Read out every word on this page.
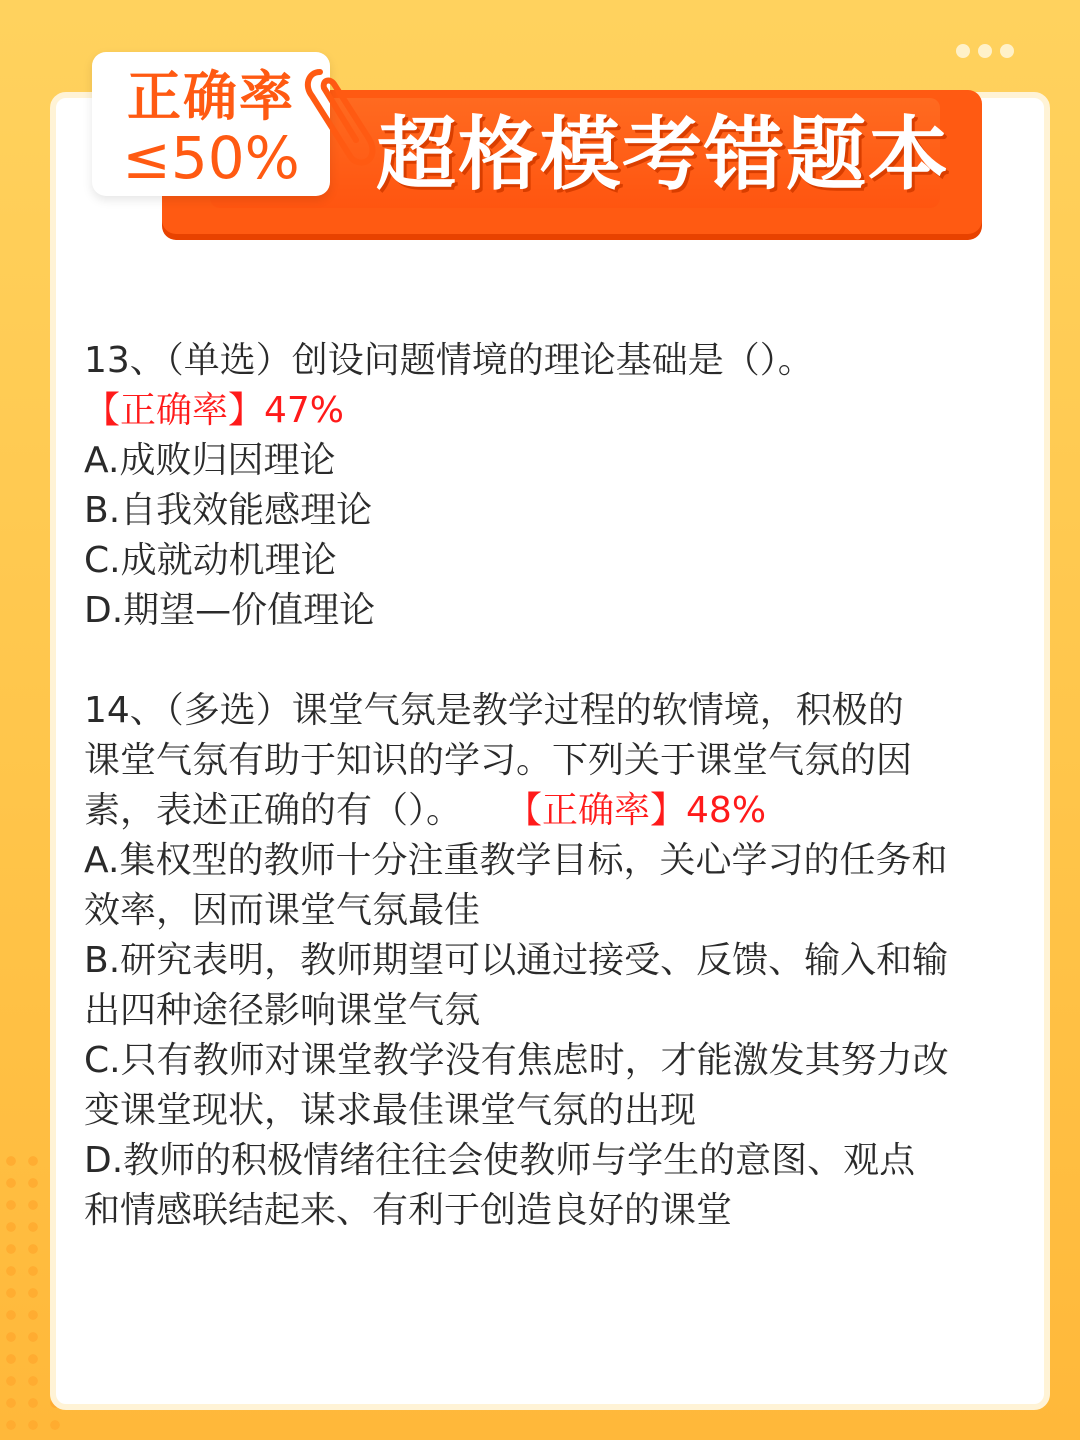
超格模考错题本
正确率
≤50%

13、（单选）创设问题情境的理论基础是（）。

【正确率】47%

A.成败归因理论

B.自我效能感理论

C.成就动机理论

D.期望—价值理论

14、（多选）课堂气氛是教学过程的软情境，积极的

课堂气氛有助于知识的学习。下列关于课堂气氛的因

素，表述正确的有（）。 【正确率】48%

A.集权型的教师十分注重教学目标，关心学习的任务和

效率，因而课堂气氛最佳

B.研究表明，教师期望可以通过接受、反馈、输入和输

出四种途径影响课堂气氛

C.只有教师对课堂教学没有焦虑时，才能激发其努力改

变课堂现状，谋求最佳课堂气氛的出现

D.教师的积极情绪往往会使教师与学生的意图、观点

和情感联结起来、有利于创造良好的课堂
